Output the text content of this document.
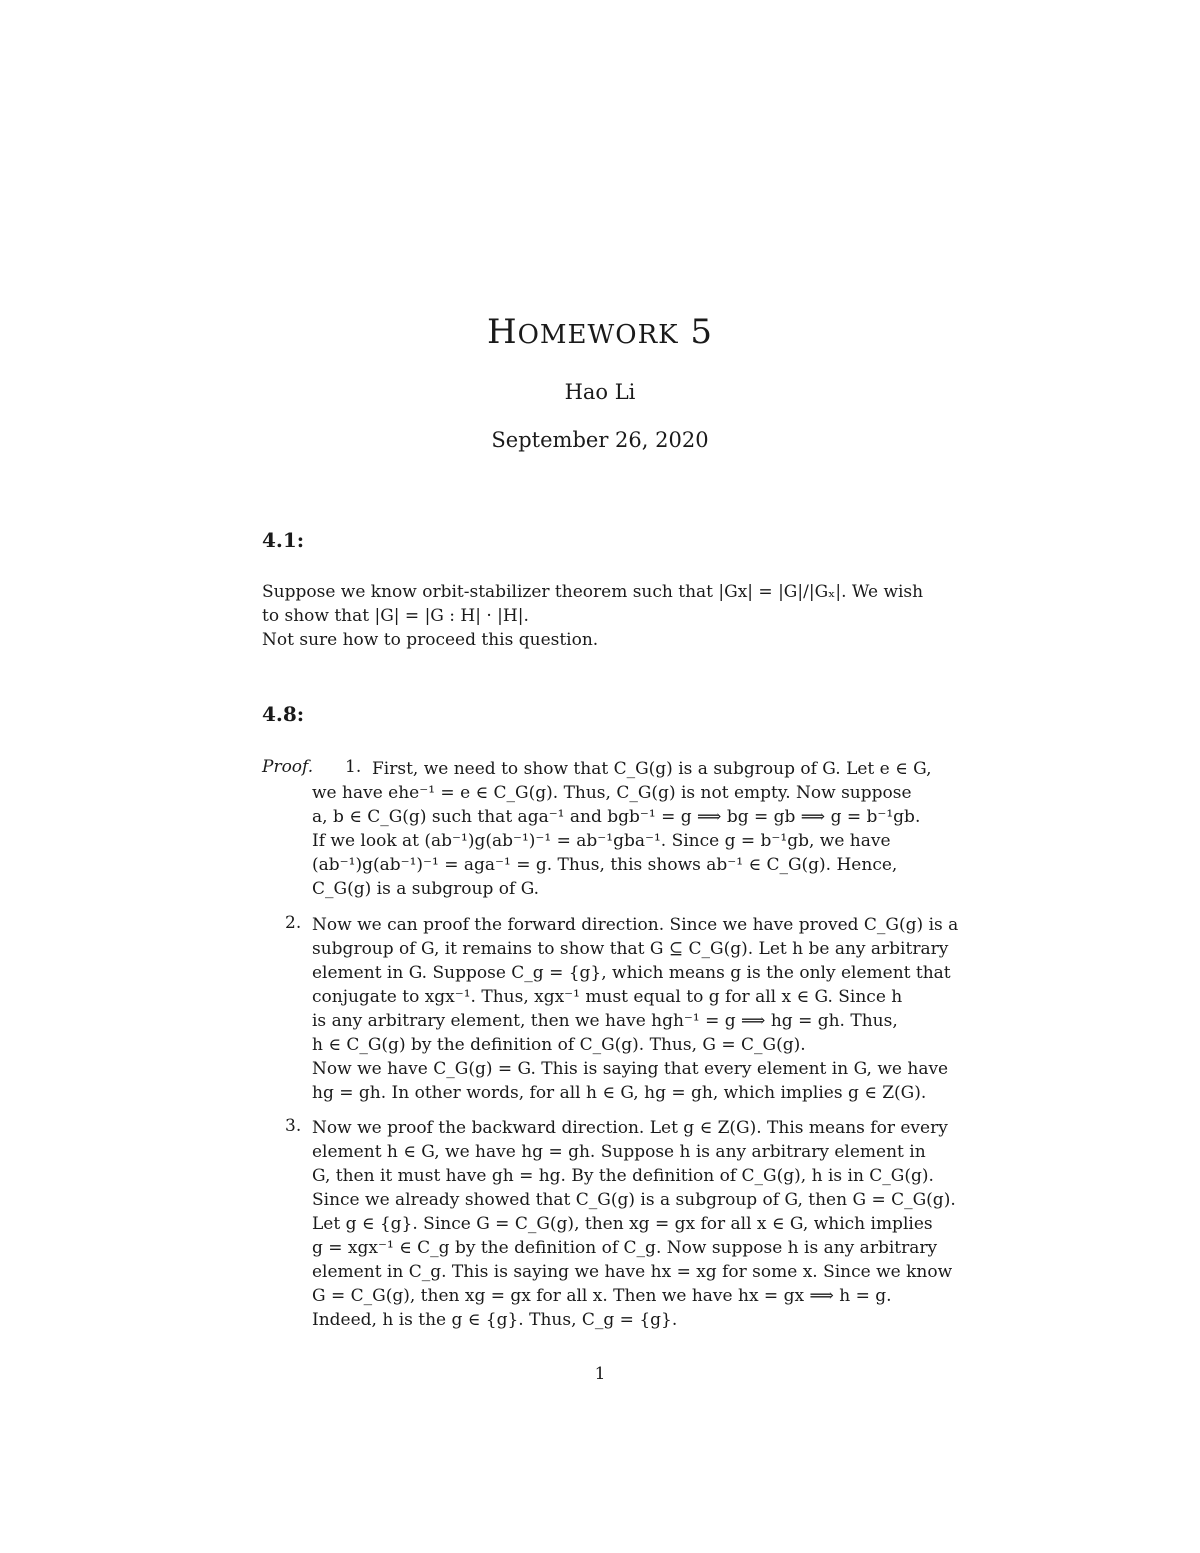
HOMEWORK 5
Hao Li
September 26, 2020
4.1:
Suppose we know orbit-stabilizer theorem such that |Gx| = |G|/|Gₓ|. We wish
to show that |G| = |G : H| · |H|.
Not sure how to proceed this question.
4.8:
Proof. 1. First, we need to show that C_G(g) is a subgroup of G. Let e ∈ G,
we have ehe⁻¹ = e ∈ C_G(g). Thus, C_G(g) is not empty. Now suppose
a, b ∈ C_G(g) such that aga⁻¹ and bgb⁻¹ = g ⟹ bg = gb ⟹ g = b⁻¹gb.
If we look at (ab⁻¹)g(ab⁻¹)⁻¹ = ab⁻¹gba⁻¹. Since g = b⁻¹gb, we have
(ab⁻¹)g(ab⁻¹)⁻¹ = aga⁻¹ = g. Thus, this shows ab⁻¹ ∈ C_G(g). Hence,
C_G(g) is a subgroup of G.
2. Now we can proof the forward direction. Since we have proved C_G(g) is a
subgroup of G, it remains to show that G ⊆ C_G(g). Let h be any arbitrary
element in G. Suppose C_g = {g}, which means g is the only element that
conjugate to xgx⁻¹. Thus, xgx⁻¹ must equal to g for all x ∈ G. Since h
is any arbitrary element, then we have hgh⁻¹ = g ⟹ hg = gh. Thus,
h ∈ C_G(g) by the definition of C_G(g). Thus, G = C_G(g).
Now we have C_G(g) = G. This is saying that every element in G, we have
hg = gh. In other words, for all h ∈ G, hg = gh, which implies g ∈ Z(G).
3. Now we proof the backward direction. Let g ∈ Z(G). This means for every
element h ∈ G, we have hg = gh. Suppose h is any arbitrary element in
G, then it must have gh = hg. By the definition of C_G(g), h is in C_G(g).
Since we already showed that C_G(g) is a subgroup of G, then G = C_G(g).
Let g ∈ {g}. Since G = C_G(g), then xg = gx for all x ∈ G, which implies
g = xgx⁻¹ ∈ C_g by the definition of C_g. Now suppose h is any arbitrary
element in C_g. This is saying we have hx = xg for some x. Since we know
G = C_G(g), then xg = gx for all x. Then we have hx = gx ⟹ h = g.
Indeed, h is the g ∈ {g}. Thus, C_g = {g}.
1
